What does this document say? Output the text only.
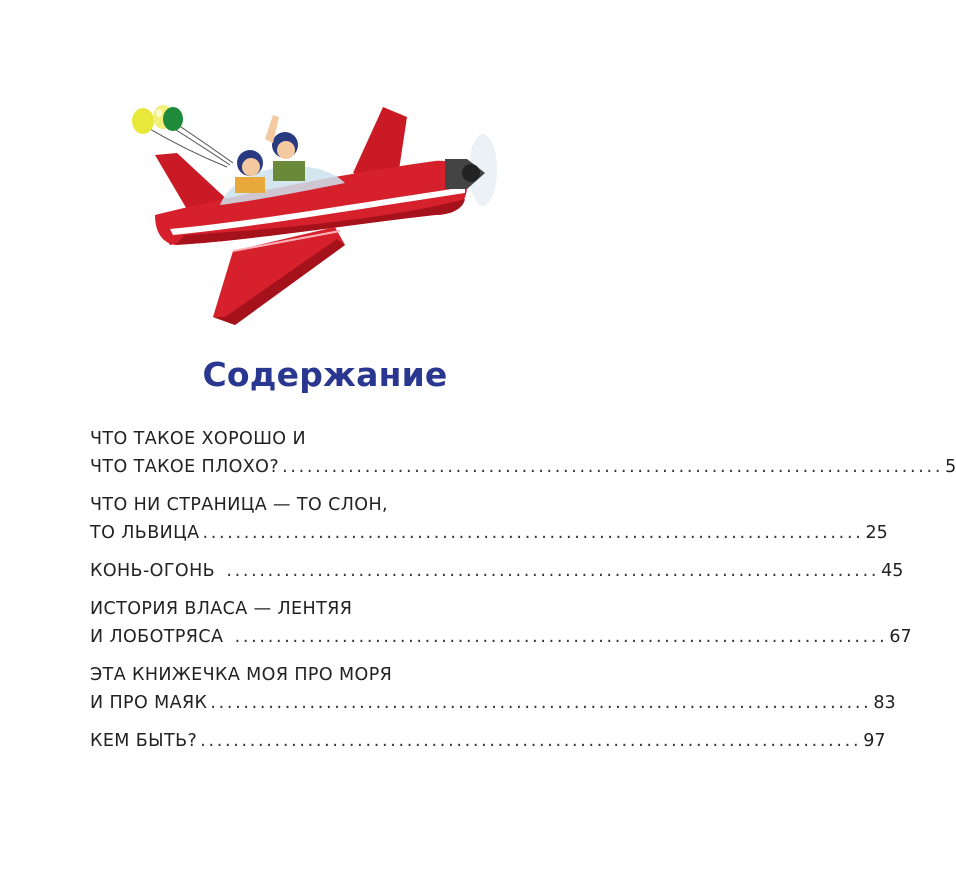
Содержание
ЧТО ТАКОЕ ХОРОШО И
ЧТО ТАКОЕ ПЛОХО? ................................................................................ 5
ЧТО НИ СТРАНИЦА — ТО СЛОН,
ТО ЛЬВИЦА ................................................................................ 25
КОНЬ-ОГОНЬ ............................................................................... 45
ИСТОРИЯ ВЛАСА — ЛЕНТЯЯ
И ЛОБОТРЯСА ............................................................................... 67
ЭТА КНИЖЕЧКА МОЯ ПРО МОРЯ
И ПРО МАЯК ................................................................................ 83
КЕМ БЫТЬ? ................................................................................ 97
